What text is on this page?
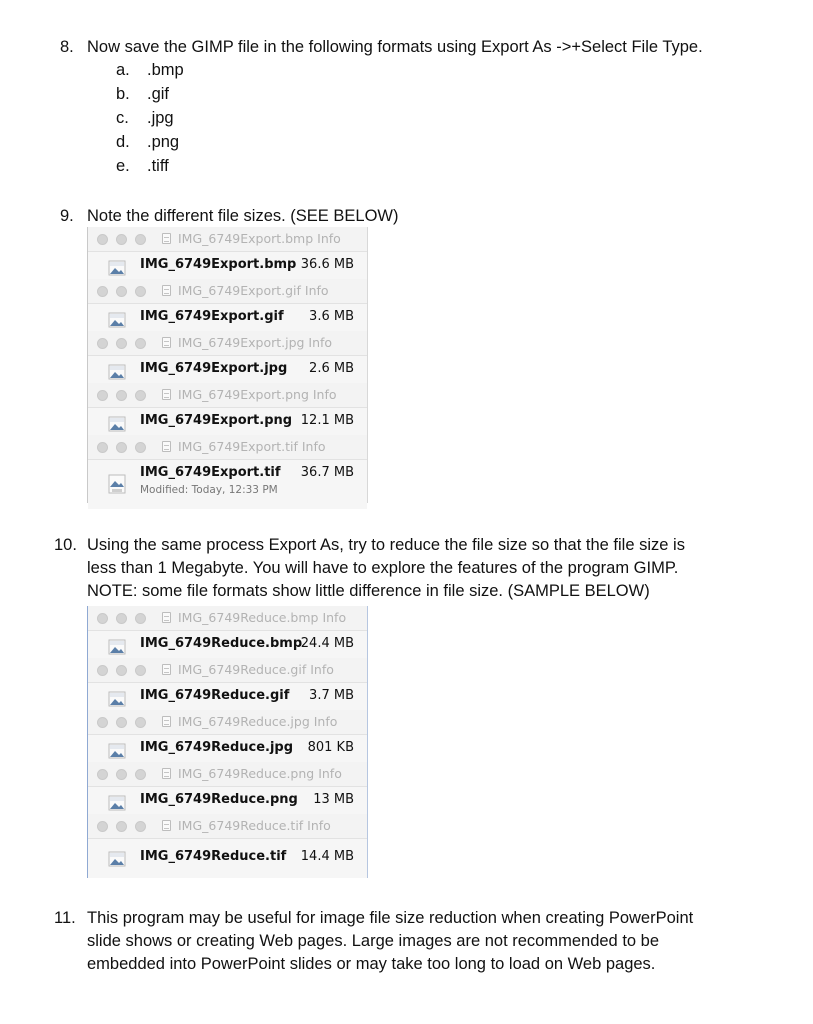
8. Now save the GIMP file in the following formats using Export As ->+Select File Type.
a. .bmp
b. .gif
c. .jpg
d. .png
e. .tiff
9. Note the different file sizes. (SEE BELOW)
IMG_6749Export.bmp Info
IMG_6749Export.bmp 36.6 MB
IMG_6749Export.gif Info
IMG_6749Export.gif 3.6 MB
IMG_6749Export.jpg Info
IMG_6749Export.jpg 2.6 MB
IMG_6749Export.png Info
IMG_6749Export.png 12.1 MB
IMG_6749Export.tif Info
IMG_6749Export.tif 36.7 MB
Modified: Today, 12:33 PM
10. Using the same process Export As, try to reduce the file size so that the file size is
less than 1 Megabyte. You will have to explore the features of the program GIMP.
NOTE: some file formats show little difference in file size. (SAMPLE BELOW)
IMG_6749Reduce.bmp Info
IMG_6749Reduce.bmp
24.4 MB
IMG_6749Reduce.gif Info
IMG_6749Reduce.gif 3.7 MB
IMG_6749Reduce.jpg Info
IMG_6749Reduce.jpg 801 KB
IMG_6749Reduce.png Info
IMG_6749Reduce.png 13 MB
IMG_6749Reduce.tif Info
IMG_6749Reduce.tif 14.4 MB
11. This program may be useful for image file size reduction when creating PowerPoint
slide shows or creating Web pages. Large images are not recommended to be
embedded into PowerPoint slides or may take too long to load on Web pages.
